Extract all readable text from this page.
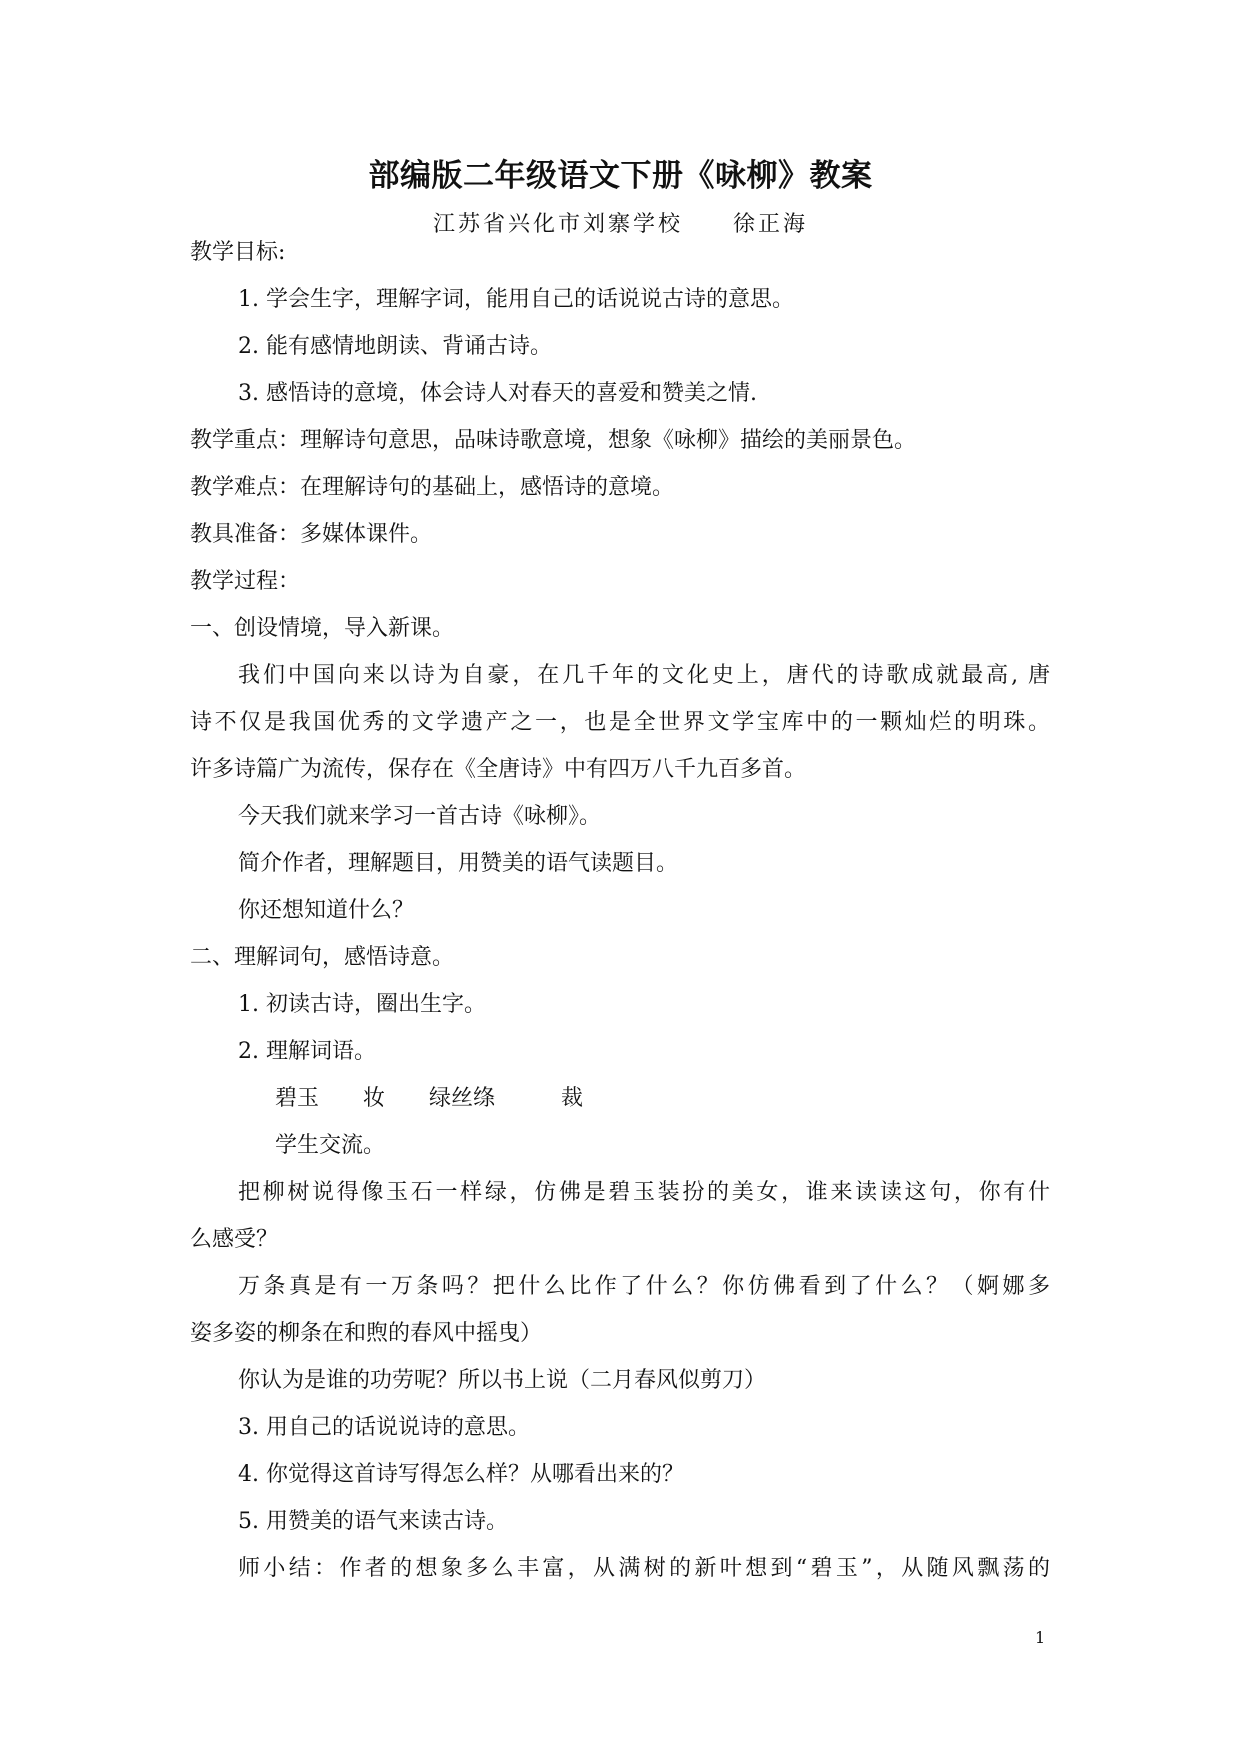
部编版二年级语文下册《咏柳》教案
江苏省兴化市刘寨学校　　徐正海
教学目标:
1. 学会生字，理解字词，能用自己的话说说古诗的意思。
2. 能有感情地朗读、背诵古诗。
3. 感悟诗的意境，体会诗人对春天的喜爱和赞美之情.
教学重点：理解诗句意思，品味诗歌意境，想象《咏柳》描绘的美丽景色。
教学难点：在理解诗句的基础上，感悟诗的意境。
教具准备：多媒体课件。
教学过程：
一、创设情境，导入新课。
我们中国向来以诗为自豪，在几千年的文化史上，唐代的诗歌成就最高, 唐
诗不仅是我国优秀的文学遗产之一，也是全世界文学宝库中的一颗灿烂的明珠。
许多诗篇广为流传，保存在《全唐诗》中有四万八千九百多首。
今天我们就来学习一首古诗《咏柳》。
简介作者，理解题目，用赞美的语气读题目。
你还想知道什么？
二、理解词句，感悟诗意。
1. 初读古诗，圈出生字。
2. 理解词语。
碧玉　　妆　　绿丝绦　　　裁
学生交流。
把柳树说得像玉石一样绿，仿佛是碧玉装扮的美女，谁来读读这句，你有什
么感受？
万条真是有一万条吗？把什么比作了什么？你仿佛看到了什么？（婀娜多
姿多姿的柳条在和煦的春风中摇曳）
你认为是谁的功劳呢？所以书上说（二月春风似剪刀）
3. 用自己的话说说诗的意思。
4. 你觉得这首诗写得怎么样？从哪看出来的？
5. 用赞美的语气来读古诗。
师小结：作者的想象多么丰富，从满树的新叶想到“碧玉”，从随风飘荡的
1
